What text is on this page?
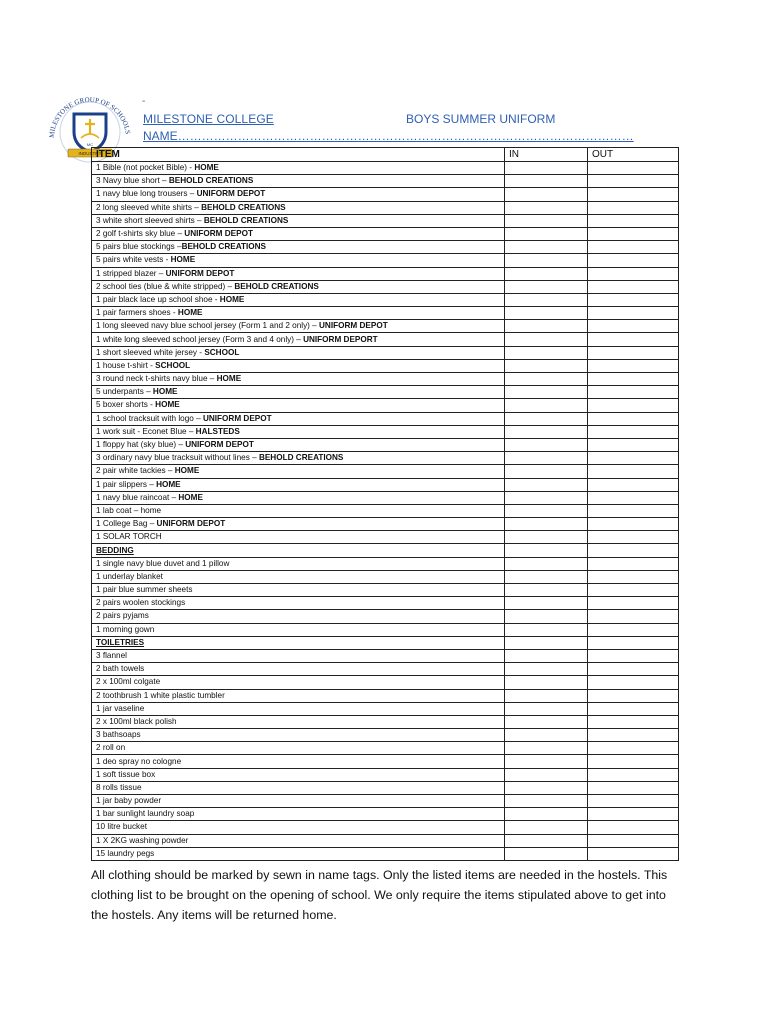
MILESTONE GROUP OF SCHOOLS
MC
INDUSTRY
-
MILESTONE COLLEGE	BOYS SUMMER UNIFORM
NAME……………………………………………………………………………………………………
ITEM	IN	OUT
1 Bible (not pocket Bible) - HOME		
3 Navy blue short – BEHOLD CREATIONS		
1 navy blue long trousers – UNIFORM DEPOT		
2 long sleeved white shirts – BEHOLD CREATIONS		
3 white short sleeved shirts – BEHOLD CREATIONS		
2 golf t-shirts sky blue – UNIFORM DEPOT		
5 pairs blue stockings –BEHOLD CREATIONS		
5 pairs white vests - HOME		
1 stripped blazer – UNIFORM DEPOT		
2 school ties (blue & white stripped) – BEHOLD CREATIONS		
1 pair black lace up school shoe - HOME		
1 pair farmers shoes - HOME		
1 long sleeved navy blue school jersey (Form 1 and 2 only) – UNIFORM DEPOT		
1 white long sleeved school jersey (Form 3 and 4 only) – UNIFORM DEPORT		
1 short sleeved white jersey - SCHOOL		
1 house t-shirt - SCHOOL		
3 round neck t-shirts navy blue – HOME		
5 underpants – HOME		
5 boxer shorts - HOME		
1 school tracksuit with logo – UNIFORM DEPOT		
1 work suit - Econet Blue – HALSTEDS		
1 floppy hat (sky blue) – UNIFORM DEPOT		
3 ordinary navy blue tracksuit without lines – BEHOLD CREATIONS		
2 pair white tackies – HOME		
1 pair slippers – HOME		
1 navy blue raincoat – HOME		
1 lab coat – home		
1 College Bag – UNIFORM DEPOT		
1 SOLAR TORCH		
BEDDING		
1 single navy blue duvet and 1 pillow		
1 underlay blanket		
1 pair blue summer sheets		
2 pairs woolen stockings		
2 pairs pyjams		
1 morning gown		
TOILETRIES		
3 flannel		
2 bath towels		
2 x 100ml colgate		
2 toothbrush 1 white plastic tumbler		
1 jar vaseline		
2 x 100ml black polish		
3 bathsoaps		
2 roll on		
1 deo spray no cologne		
1 soft tissue box		
8 rolls tissue		
1 jar baby powder		
1 bar sunlight laundry soap		
10 litre bucket		
1 X 2KG washing powder		
15 laundry pegs		
All clothing should be marked by sewn in name tags. Only the listed items are needed in the hostels. This clothing list to be brought on the opening of school. We only require the items stipulated above to get into the hostels. Any items will be returned home.
